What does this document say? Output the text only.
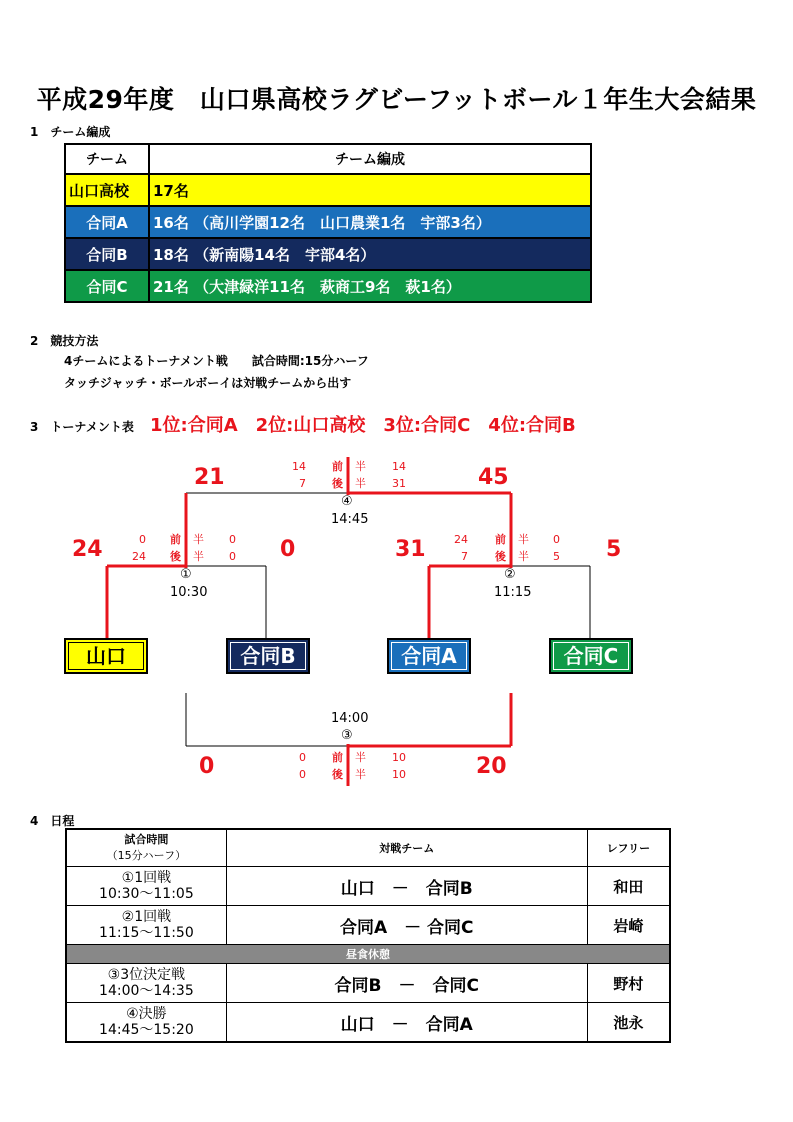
平成29年度　山口県高校ラグビーフットボール１年生大会結果
1　チーム編成
チーム	チーム編成
山口高校	17名
合同A	16名 （高川学園12名　山口農業1名　宇部3名）
合同B	18名 （新南陽14名　宇部4名）
合同C	21名 （大津緑洋11名　萩商工9名　萩1名）
2　競技方法
4チームによるトーナメント戦　　試合時間:15分ハーフ
タッチジャッチ・ボールボーイは対戦チームから出す
3　トーナメント表 1位:合同A　2位:山口高校　3位:合同C　4位:合同B
21	45
14
7
14
31
前
後
半
半
④
14:45
24	0
0
24
0
0
前
後
半
半
①
10:30
31	5
24
7
0
5
前
後
半
半
②
11:15
山口	合同B	合同A	合同C
14:00
③
0	20
0
0
10
10
前
後
半
半
4　日程
試合時間
（15分ハーフ）	対戦チーム	レフリー

①1回戦
10:30～11:05	山口　－　合同B	和田

②1回戦
11:15～11:50	合同A　－ 合同C	岩崎
昼食休憩		

③3位決定戦
14:00～14:35	合同B　－　合同C	野村

④決勝
14:45～15:20	山口　－　合同A	池永
